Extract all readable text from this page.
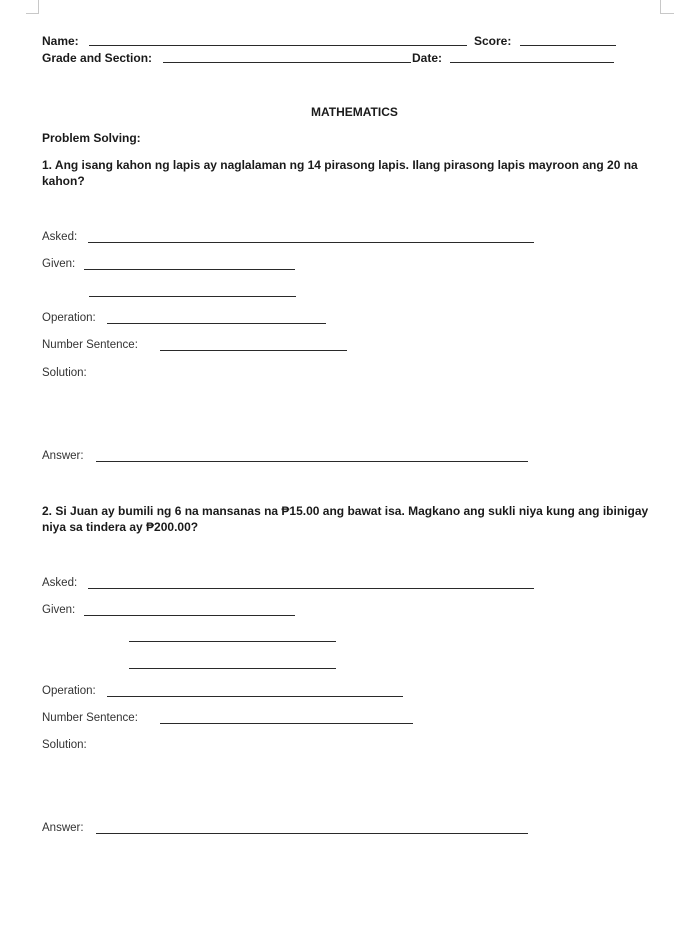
Name:	Score:
Grade and Section:	Date:
MATHEMATICS
Problem Solving:
1. Ang isang kahon ng lapis ay naglalaman ng 14 pirasong lapis. Ilang pirasong lapis mayroon ang 20 na kahon?
Asked:
Given:
Operation:
Number Sentence:
Solution:
Answer:
2. Si Juan ay bumili ng 6 na mansanas na ₱15.00 ang bawat isa. Magkano ang sukli niya kung ang ibinigay niya sa tindera ay ₱200.00?
Asked:
Given:
Operation:
Number Sentence:
Solution:
Answer:
